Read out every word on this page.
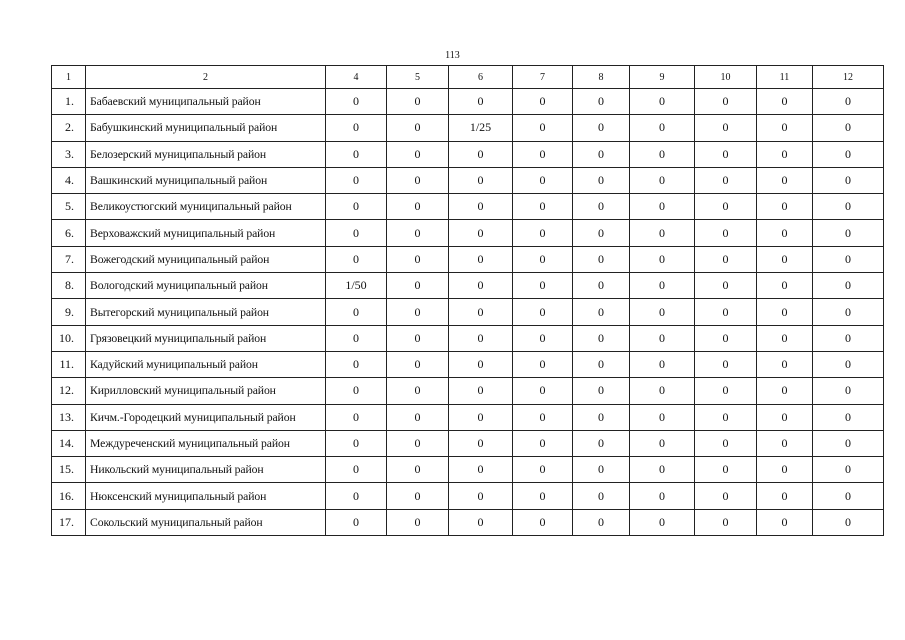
113
1	2	4	5	6	7	8	9	10	11	12
1.	Бабаевский муниципальный район	0	0	0	0	0	0	0	0	0
2.	Бабушкинский муниципальный район	0	0	1/25	0	0	0	0	0	0
3.	Белозерский муниципальный район	0	0	0	0	0	0	0	0	0
4.	Вашкинский муниципальный район	0	0	0	0	0	0	0	0	0
5.	Великоустюгский муниципальный район	0	0	0	0	0	0	0	0	0
6.	Верховажский муниципальный район	0	0	0	0	0	0	0	0	0
7.	Вожегодский муниципальный район	0	0	0	0	0	0	0	0	0
8.	Вологодский муниципальный район	1/50	0	0	0	0	0	0	0	0
9.	Вытегорский муниципальный район	0	0	0	0	0	0	0	0	0
10.	Грязовецкий муниципальный район	0	0	0	0	0	0	0	0	0
11.	Кадуйский муниципальный район	0	0	0	0	0	0	0	0	0
12.	Кирилловский муниципальный район	0	0	0	0	0	0	0	0	0
13.	Кичм.-Городецкий муниципальный район	0	0	0	0	0	0	0	0	0
14.	Междуреченский муниципальный район	0	0	0	0	0	0	0	0	0
15.	Никольский муниципальный район	0	0	0	0	0	0	0	0	0
16.	Нюксенский муниципальный район	0	0	0	0	0	0	0	0	0
17.	Сокольский муниципальный район	0	0	0	0	0	0	0	0	0
